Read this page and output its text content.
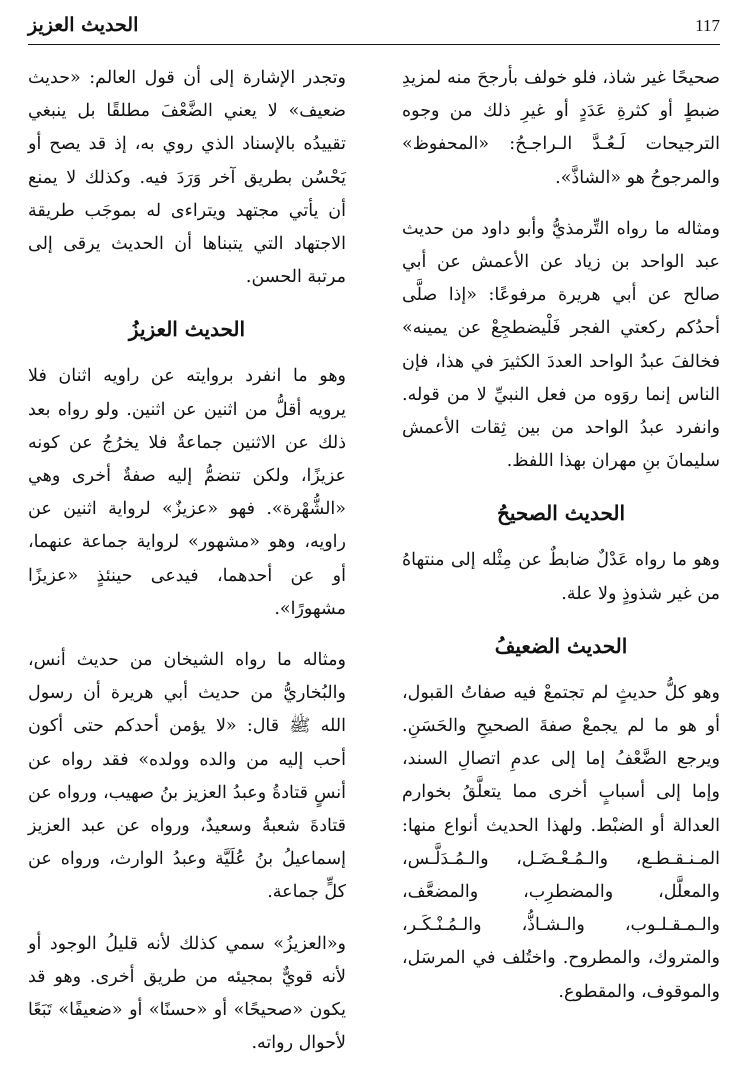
الحديث العزيز	117

صحيحًا غير شاذ، فلو خولف بأرجحَ منه لمزيدِ ضبطٍ أو كثرةِ عَدَدٍ أو غيرِ ذلك من وجوه الترجيحات لَـعُـدَّ الـراجـحُ: «المحفوظ» والمرجوحُ هو «الشاذَّ».

ومثاله ما رواه التِّرمذيُّ وأبو داود من حديث عبد الواحد بن زياد عن الأعمش عن أبي صالح عن أبي هريرة مرفوعًا: «إذا صلَّى أحدُكم ركعتي الفجر فَلْيضطجِعْ عن يمينه» فخالفَ عبدُ الواحد العددَ الكثيرَ في هذا، فإن الناس إنما روَوه من فعل النبيِّ لا من قوله. وانفرد عبدُ الواحد من بين ثِقات الأعمش سليمانَ بنِ مهران بهذا اللفظ.

الحديث الصحيحُ

وهو ما رواه عَدْلٌ ضابطٌ عن مِثْله إلى منتهاهُ من غير شذوذٍ ولا علة.

الحديث الضعيفُ

وهو كلُّ حديثٍ لم تجتمعْ فيه صفاتُ القبول، أو هو ما لم يجمعْ صفةَ الصحيحِ والحَسَنِ. ويرجع الضَّعْفُ إما إلى عدمِ اتصالِ السند، وإما إلى أسبابٍ أخرى مما يتعلَّقُ بخوارم العدالة أو الضبْط. ولهذا الحديث أنواع منها: المـنـقـطـع، والـمُـعْـضَـل، والـمُـدَلَّـس، والمعلَّل، والمضطرِب، والمضعَّف، والـمـقـلـوب، والـشـاذُّ، والـمُـنْـكَـر، والمتروك، والمطروح. واختُلف في المرسَل، والموقوف، والمقطوع.

وتجدر الإشارة إلى أن قول العالم: «حديث ضعيف» لا يعني الضَّعْفَ مطلقًا بل ينبغي تقييدُه بالإسناد الذي روي به، إذ قد يصح أو يَحْسُن بطريق آخر وَرَدَ فيه. وكذلك لا يمنع أن يأتي مجتهد ويتراءى له بموجَب طريقة الاجتهاد التي يتبناها أن الحديث يرقى إلى مرتبة الحسن.

الحديث العزيزُ

وهو ما انفرد بروايته عن راويه اثنان فلا يرويه أقلُّ من اثنين عن اثنين. ولو رواه بعد ذلك عن الاثنين جماعةٌ فلا يخرُجُ عن كونه عزيزًا، ولكن تنضمُّ إليه صفةٌ أخرى وهي «الشُّهْرة». فهو «عزيزٌ» لرواية اثنين عن راويه، وهو «مشهور» لرواية جماعة عنهما، أو عن أحدهما، فيدعى حينئذٍ «عزيزًا مشهورًا».

ومثاله ما رواه الشيخان من حديث أنس، والبُخاريُّ من حديث أبي هريرة أن رسول الله ﷺ قال: «لا يؤمن أحدكم حتى أكون أحب إليه من والده وولده» فقد رواه عن أنسٍ قتادةُ وعبدُ العزيز بنُ صهيب، ورواه عن قتادةَ شعبةُ وسعيدٌ، ورواه عن عبد العزيز إسماعيلُ بنُ عُلَيَّة وعبدُ الوارث، ورواه عن كلٍّ جماعة.

و«العزيزُ» سمي كذلك لأنه قليلُ الوجود أو لأنه قويٌّ بمجيئه من طريق أخرى. وهو قد يكون «صحيحًا» أو «حسنًا» أو «ضعيفًا» تَبَعًا لأحوال رواته.
